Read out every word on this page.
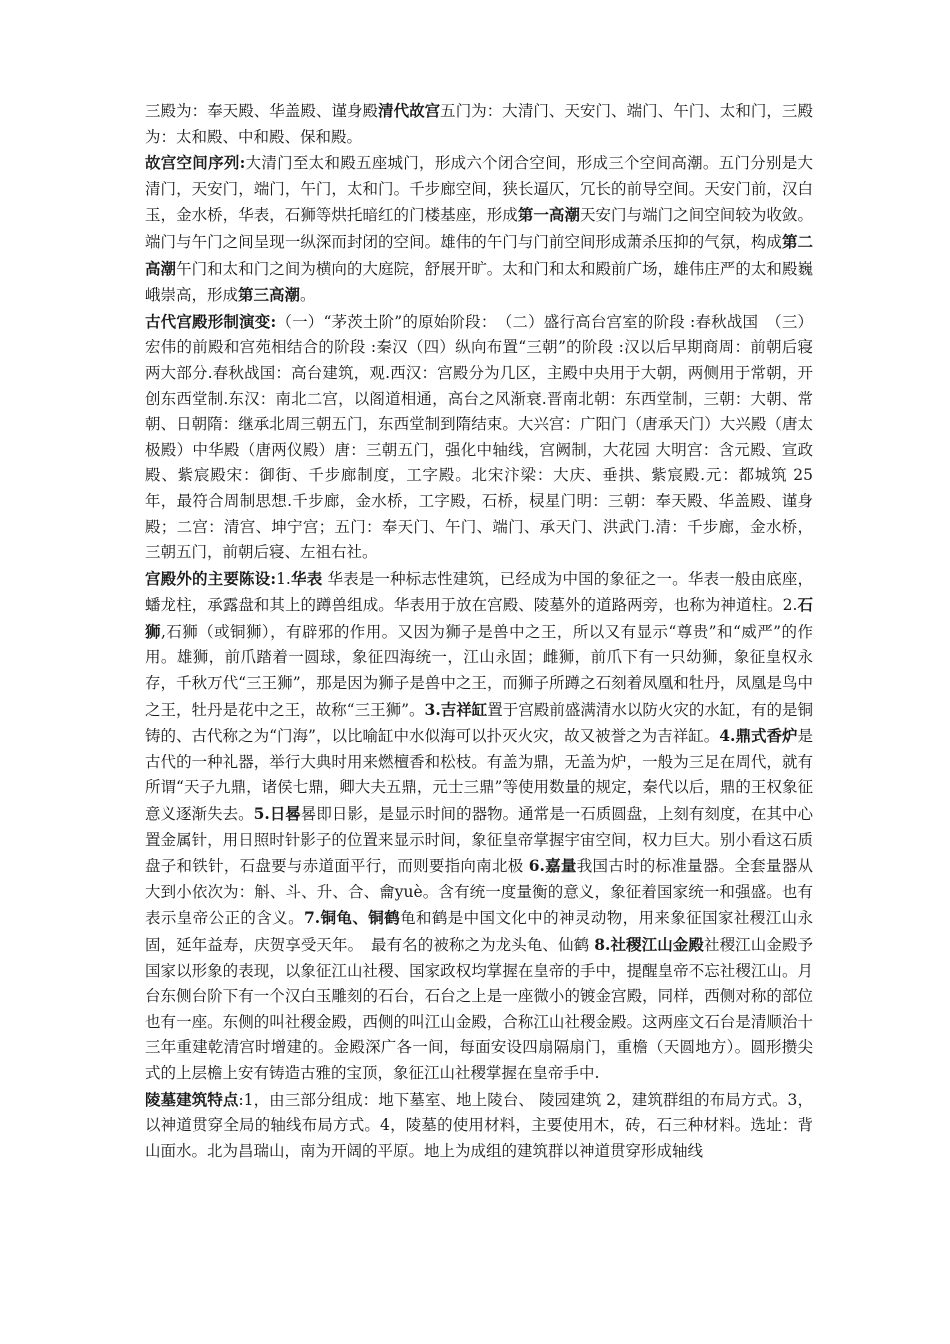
三殿为：奉天殿、华盖殿、谨身殿清代故宫五门为：大清门、天安门、端门、午门、太和门，三殿为：太和殿、中和殿、保和殿。

故宫空间序列:大清门至太和殿五座城门，形成六个闭合空间，形成三个空间高潮。五门分别是大清门，天安门，端门，午门，太和门。千步廊空间，狭长逼仄，冗长的前导空间。天安门前，汉白玉，金水桥，华表，石狮等烘托暗红的门楼基座，形成第一高潮天安门与端门之间空间较为收敛。端门与午门之间呈现一纵深而封闭的空间。雄伟的午门与门前空间形成萧杀压抑的气氛，构成第二高潮午门和太和门之间为横向的大庭院，舒展开旷。太和门和太和殿前广场，雄伟庄严的太和殿巍峨崇高，形成第三高潮。

古代宫殿形制演变:（一）“茅茨土阶”的原始阶段：　（二）盛行高台宫室的阶段 :春秋战国　（三）宏伟的前殿和宫苑相结合的阶段 :秦汉（四）纵向布置“三朝”的阶段 :汉以后早期商周：前朝后寝两大部分.春秋战国：高台建筑，观.西汉：宫殿分为几区，主殿中央用于大朝，两侧用于常朝，开创东西堂制.东汉：南北二宫，以阁道相通，高台之风渐衰.晋南北朝：东西堂制，三朝：大朝、常朝、日朝隋：继承北周三朝五门，东西堂制到隋结束。大兴宫：广阳门（唐承天门）大兴殿（唐太极殿）中华殿（唐两仪殿）唐：三朝五门，强化中轴线，宫阙制，大花园 大明宫：含元殿、宣政殿、紫宸殿宋：御街、千步廊制度，工字殿。北宋汴梁：大庆、垂拱、紫宸殿.元：都城筑 25 年，最符合周制思想.千步廊，金水桥，工字殿，石桥，棂星门明：三朝：奉天殿、华盖殿、谨身殿；二宫：清宫、坤宁宫；五门：奉天门、午门、端门、承天门、洪武门.清：千步廊，金水桥，三朝五门，前朝后寝、左祖右社。

宫殿外的主要陈设:1.华表 华表是一种标志性建筑，已经成为中国的象征之一。华表一般由底座，蟠龙柱，承露盘和其上的蹲兽组成。华表用于放在宫殿、陵墓外的道路两旁，也称为神道柱。2.石狮,石狮（或铜狮），有辟邪的作用。又因为狮子是兽中之王，所以又有显示“尊贵”和“威严”的作用。雄狮，前爪踏着一圆球，象征四海统一，江山永固；雌狮，前爪下有一只幼狮，象征皇权永存，千秋万代“三王狮”，那是因为狮子是兽中之王，而狮子所蹲之石刻着凤凰和牡丹，凤凰是鸟中之王，牡丹是花中之王，故称“三王狮”。3.吉祥缸置于宫殿前盛满清水以防火灾的水缸，有的是铜铸的、古代称之为“门海”，以比喻缸中水似海可以扑灭火灾，故又被誉之为吉祥缸。4.鼎式香炉是古代的一种礼器，举行大典时用来燃檀香和松枝。有盖为鼎，无盖为炉，一般为三足在周代，就有所谓“天子九鼎，诸侯七鼎，卿大夫五鼎，元士三鼎”等使用数量的规定，秦代以后，鼎的王权象征意义逐渐失去。5.日晷晷即日影，是显示时间的器物。通常是一石质圆盘，上刻有刻度，在其中心置金属针，用日照时针影子的位置来显示时间，象征皇帝掌握宇宙空间，权力巨大。别小看这石质盘子和铁针，石盘要与赤道面平行，而则要指向南北极 6.嘉量我国古时的标准量器。全套量器从大到小依次为：斛、斗、升、合、龠yuè。含有统一度量衡的意义，象征着国家统一和强盛。也有表示皇帝公正的含义。7.铜龟、铜鹤龟和鹤是中国文化中的神灵动物，用来象征国家社稷江山永固，延年益寿，庆贺享受天年。　最有名的被称之为龙头龟、仙鹤 8.社稷江山金殿社稷江山金殿予国家以形象的表现，以象征江山社稷、国家政权均掌握在皇帝的手中，提醒皇帝不忘社稷江山。月台东侧台阶下有一个汉白玉雕刻的石台，石台之上是一座微小的镀金宫殿，同样，西侧对称的部位也有一座。东侧的叫社稷金殿，西侧的叫江山金殿，合称江山社稷金殿。这两座文石台是清顺治十三年重建乾清宫时增建的。金殿深广各一间，每面安设四扇隔扇门，重檐（天圆地方）。圆形攒尖式的上层檐上安有铸造古雅的宝顶，象征江山社稷掌握在皇帝手中.

陵墓建筑特点:1，由三部分组成：地下墓室、地上陵台、 陵园建筑 2，建筑群组的布局方式。3，以神道贯穿全局的轴线布局方式。4，陵墓的使用材料，主要使用木，砖，石三种材料。选址：背山面水。北为昌瑞山，南为开阔的平原。地上为成组的建筑群以神道贯穿形成轴线
